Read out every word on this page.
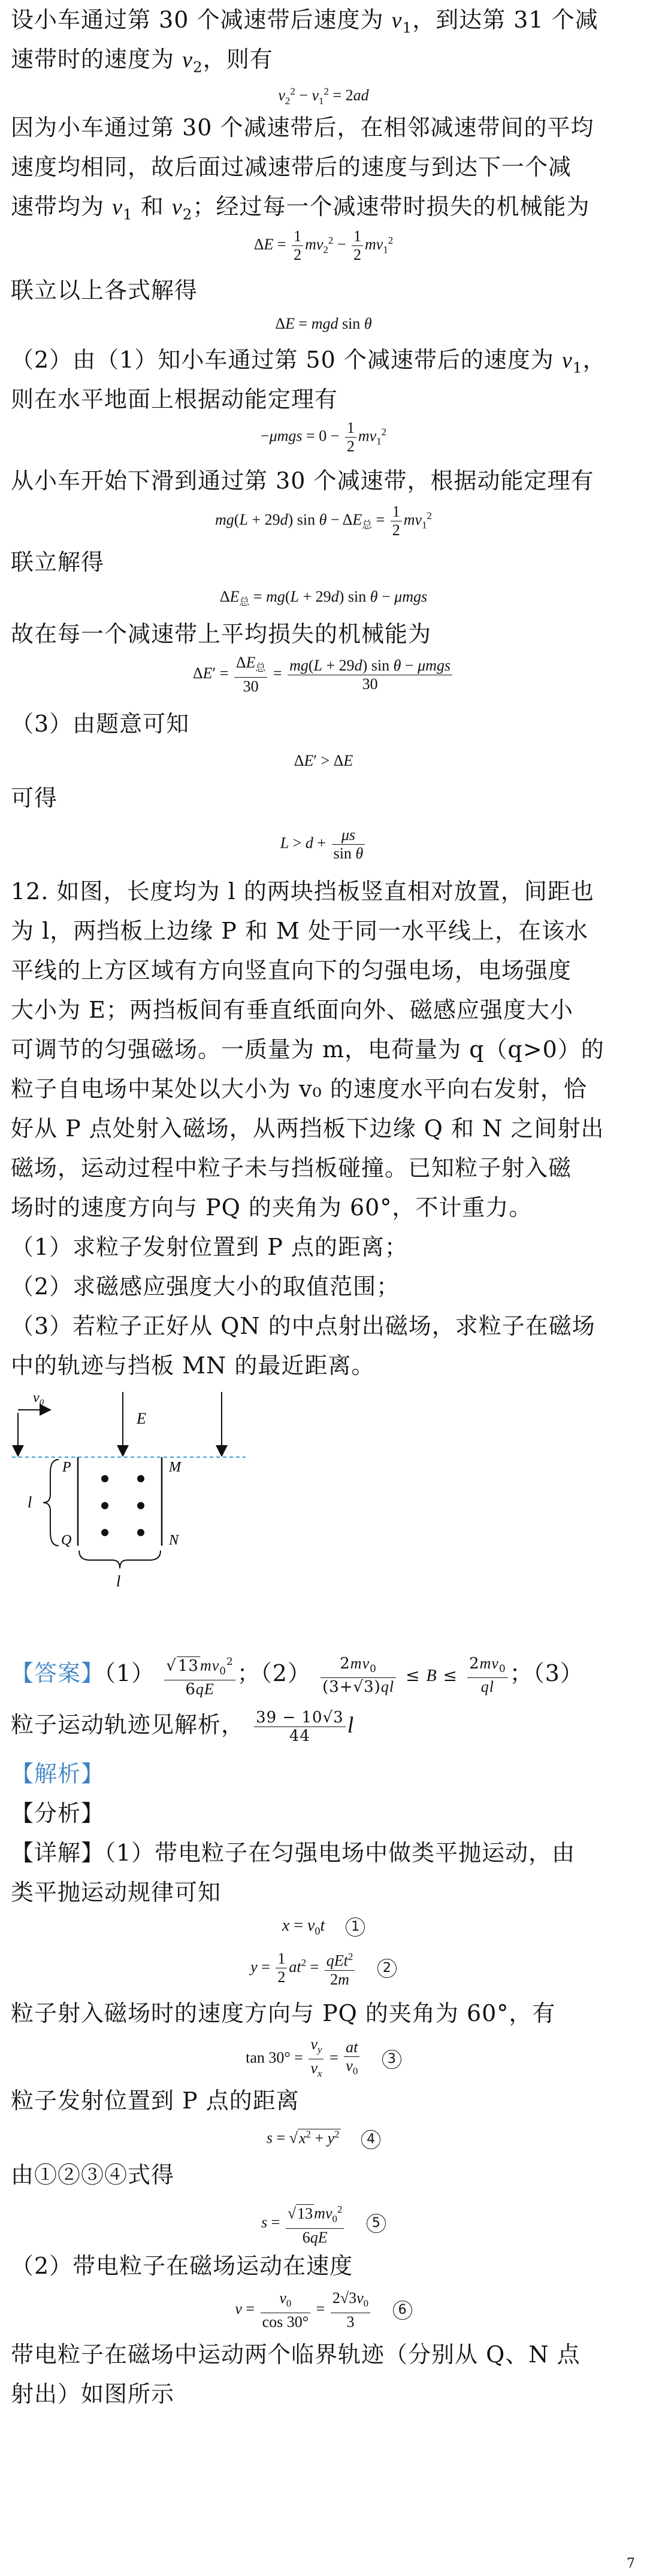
设小车通过第 30 个减速带后速度为 $v_1$，到达第 31 个减
速带时的速度为 $v_2$，则有
$v_2^2 - v_1^2 = 2ad$
因为小车通过第 30 个减速带后，在相邻减速带间的平均
速度均相同，故后面过减速带后的速度与到达下一个减
速带均为 $v_1$ 和 $v_2$；经过每一个减速带时损失的机械能为
$\Delta E = \frac{1}{2} mv_2^2 - \frac{1}{2} mv_1^2$
联立以上各式解得
ΔE = mgd sin θ
（2）由（1）知小车通过第 50 个减速带后的速度为 $v_1$，
则在水平地面上根据动能定理有
$-\mu mgs = 0 - \frac{1}{2} mv_1^2$
从小车开始下滑到通过第 30 个减速带，根据动能定理有
mg(L + 29d) $\sin \theta - \Delta E_总 = \frac{1}{2} mv_1^2$
联立解得
$\Delta E_总 = mg(L + 29d)$ sin θ − μmgs
故在每一个减速带上平均损失的机械能为
$\Delta E' = \frac{\Delta E_总}{30} = \frac{\text{mg(L + 29d) sin θ − μmgs}}{30}$
（3）由题意可知
ΔE′ > ΔE
可得
$L > d + \frac{\mu s}{\text{sin θ}}$
12. 如图，长度均为 l 的两块挡板竖直相对放置，间距也
为 l，两挡板上边缘 P 和 M 处于同一水平线上，在该水
平线的上方区域有方向竖直向下的匀强电场，电场强度
大小为 E；两挡板间有垂直纸面向外、磁感应强度大小
可调节的匀强磁场。一质量为 m，电荷量为 q（q>0）的
粒子自电场中某处以大小为 v₀ 的速度水平向右发射，恰
好从 P 点处射入磁场，从两挡板下边缘 Q 和 N 之间射出
磁场，运动过程中粒子未与挡板碰撞。已知粒子射入磁
场时的速度方向与 PQ 的夹角为 60°，不计重力。
（1）求粒子发射位置到 P 点的距离；
（2）求磁感应强度大小的取值范围；
（3）若粒子正好从 QN 的中点射出磁场，求粒子在磁场
中的轨迹与挡板 MN 的最近距离。
v₀
E
P	M
Q	N
l
l
【答案】$(1) \frac{√13mv_0^2}{6qE}$ ；$(2) \frac{2mv_0}{(3+√3)ql} \le B \le \frac{2mv_0}{ql}$ ；（3）
粒子运动轨迹见解析， $\frac{39 - 10√3}{44}$ l
【解析】
【分析】
【详解】（1）带电粒子在匀强电场中做类平抛运动，由
类平抛运动规律可知
$x = v_0t$ 1
$y = \frac{1}{2} at^2 = \frac{qEt^2}{2m} 2$
粒子射入磁场时的速度方向与 PQ 的夹角为 60°，有
$\tan 30^\circ = \frac{v_y}{v_x} = \frac{at}{v_0} 3$
粒子发射位置到 P 点的距离
$s = √x^2 + y^2$ 4
由①②③④式得
$s = \frac{√13mv_0^2}{6qE} 5$
（2）带电粒子在磁场运动在速度
$v = \frac{v_0}{\cos 30^\circ} = \frac{2√3v_0}{3} 6$
带电粒子在磁场中运动两个临界轨迹（分别从 Q、N 点
射出）如图所示
7
